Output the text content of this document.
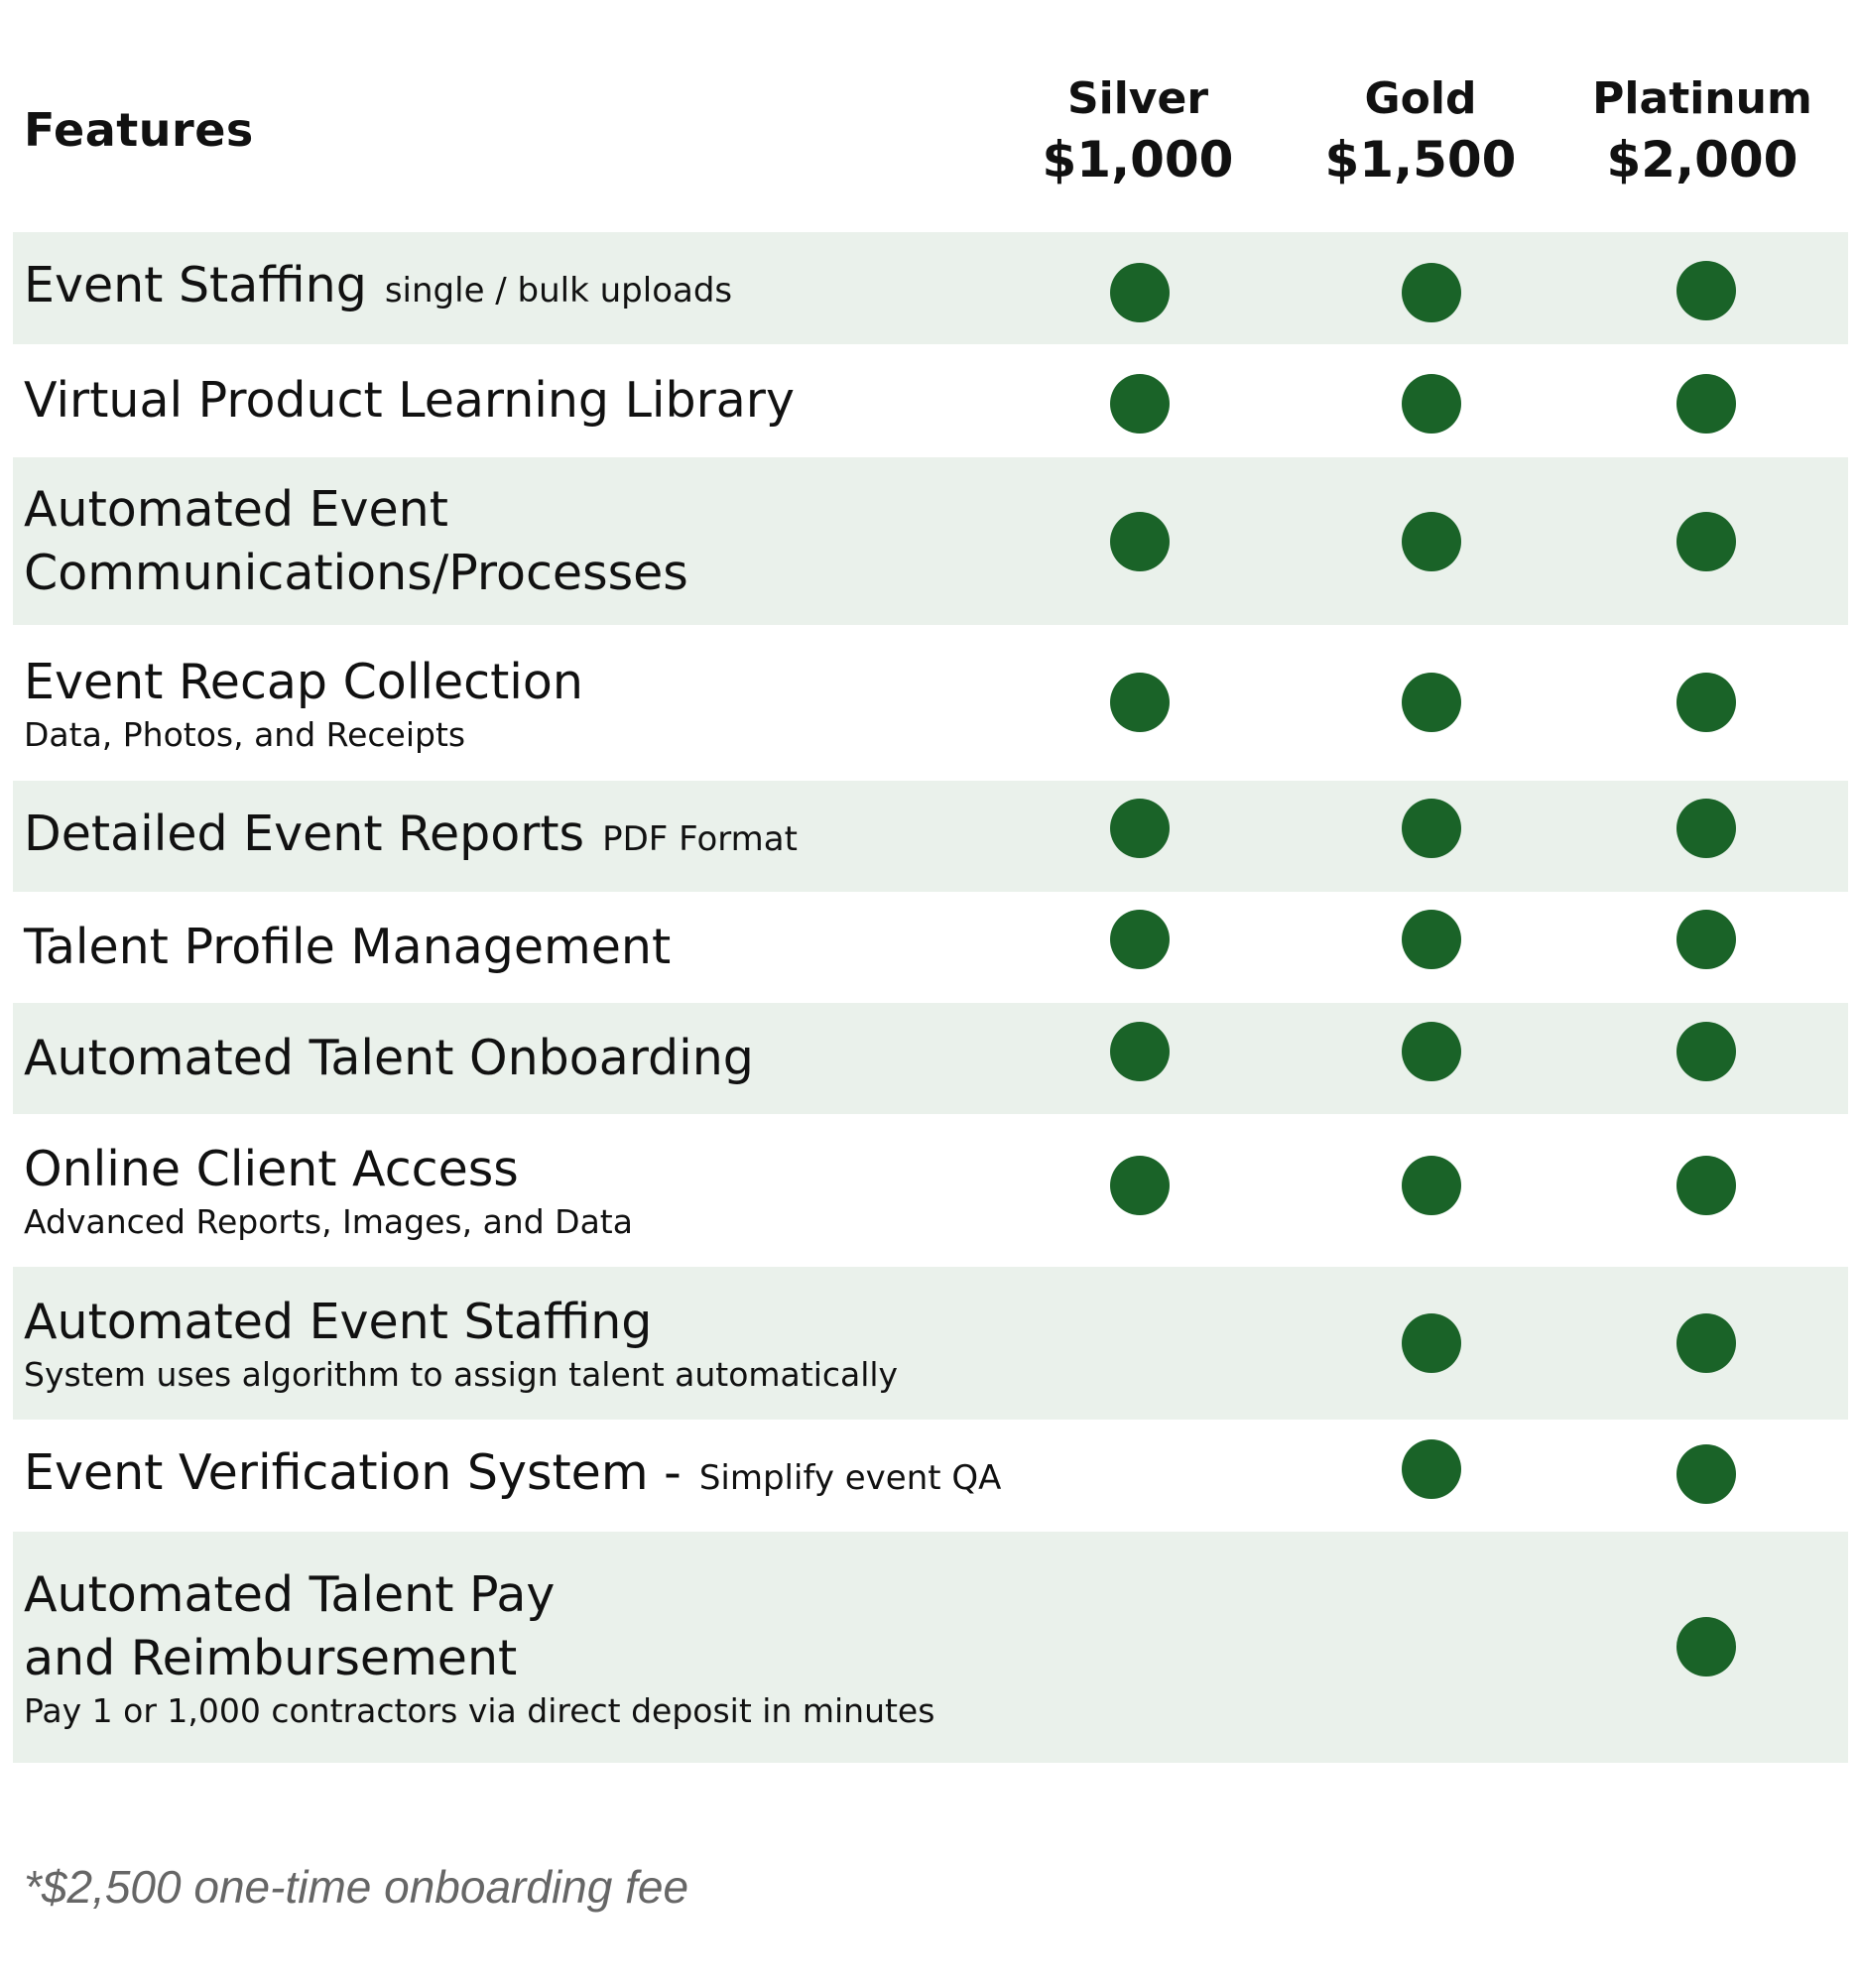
Features
Silver
$1,000
Gold
$1,500
Platinum
$2,000
Event Staffing single / bulk uploads
Virtual Product Learning Library
Automated Event
Communications/Processes
Event Recap Collection
Data, Photos, and Receipts
Detailed Event Reports PDF Format
Talent Profile Management
Automated Talent Onboarding
Online Client Access
Advanced Reports, Images, and Data
Automated Event Staffing
System uses algorithm to assign talent automatically
Event Verification System - Simplify event QA
Automated Talent Pay
and Reimbursement
Pay 1 or 1,000 contractors via direct deposit in minutes
*$2,500 one-time onboarding fee
